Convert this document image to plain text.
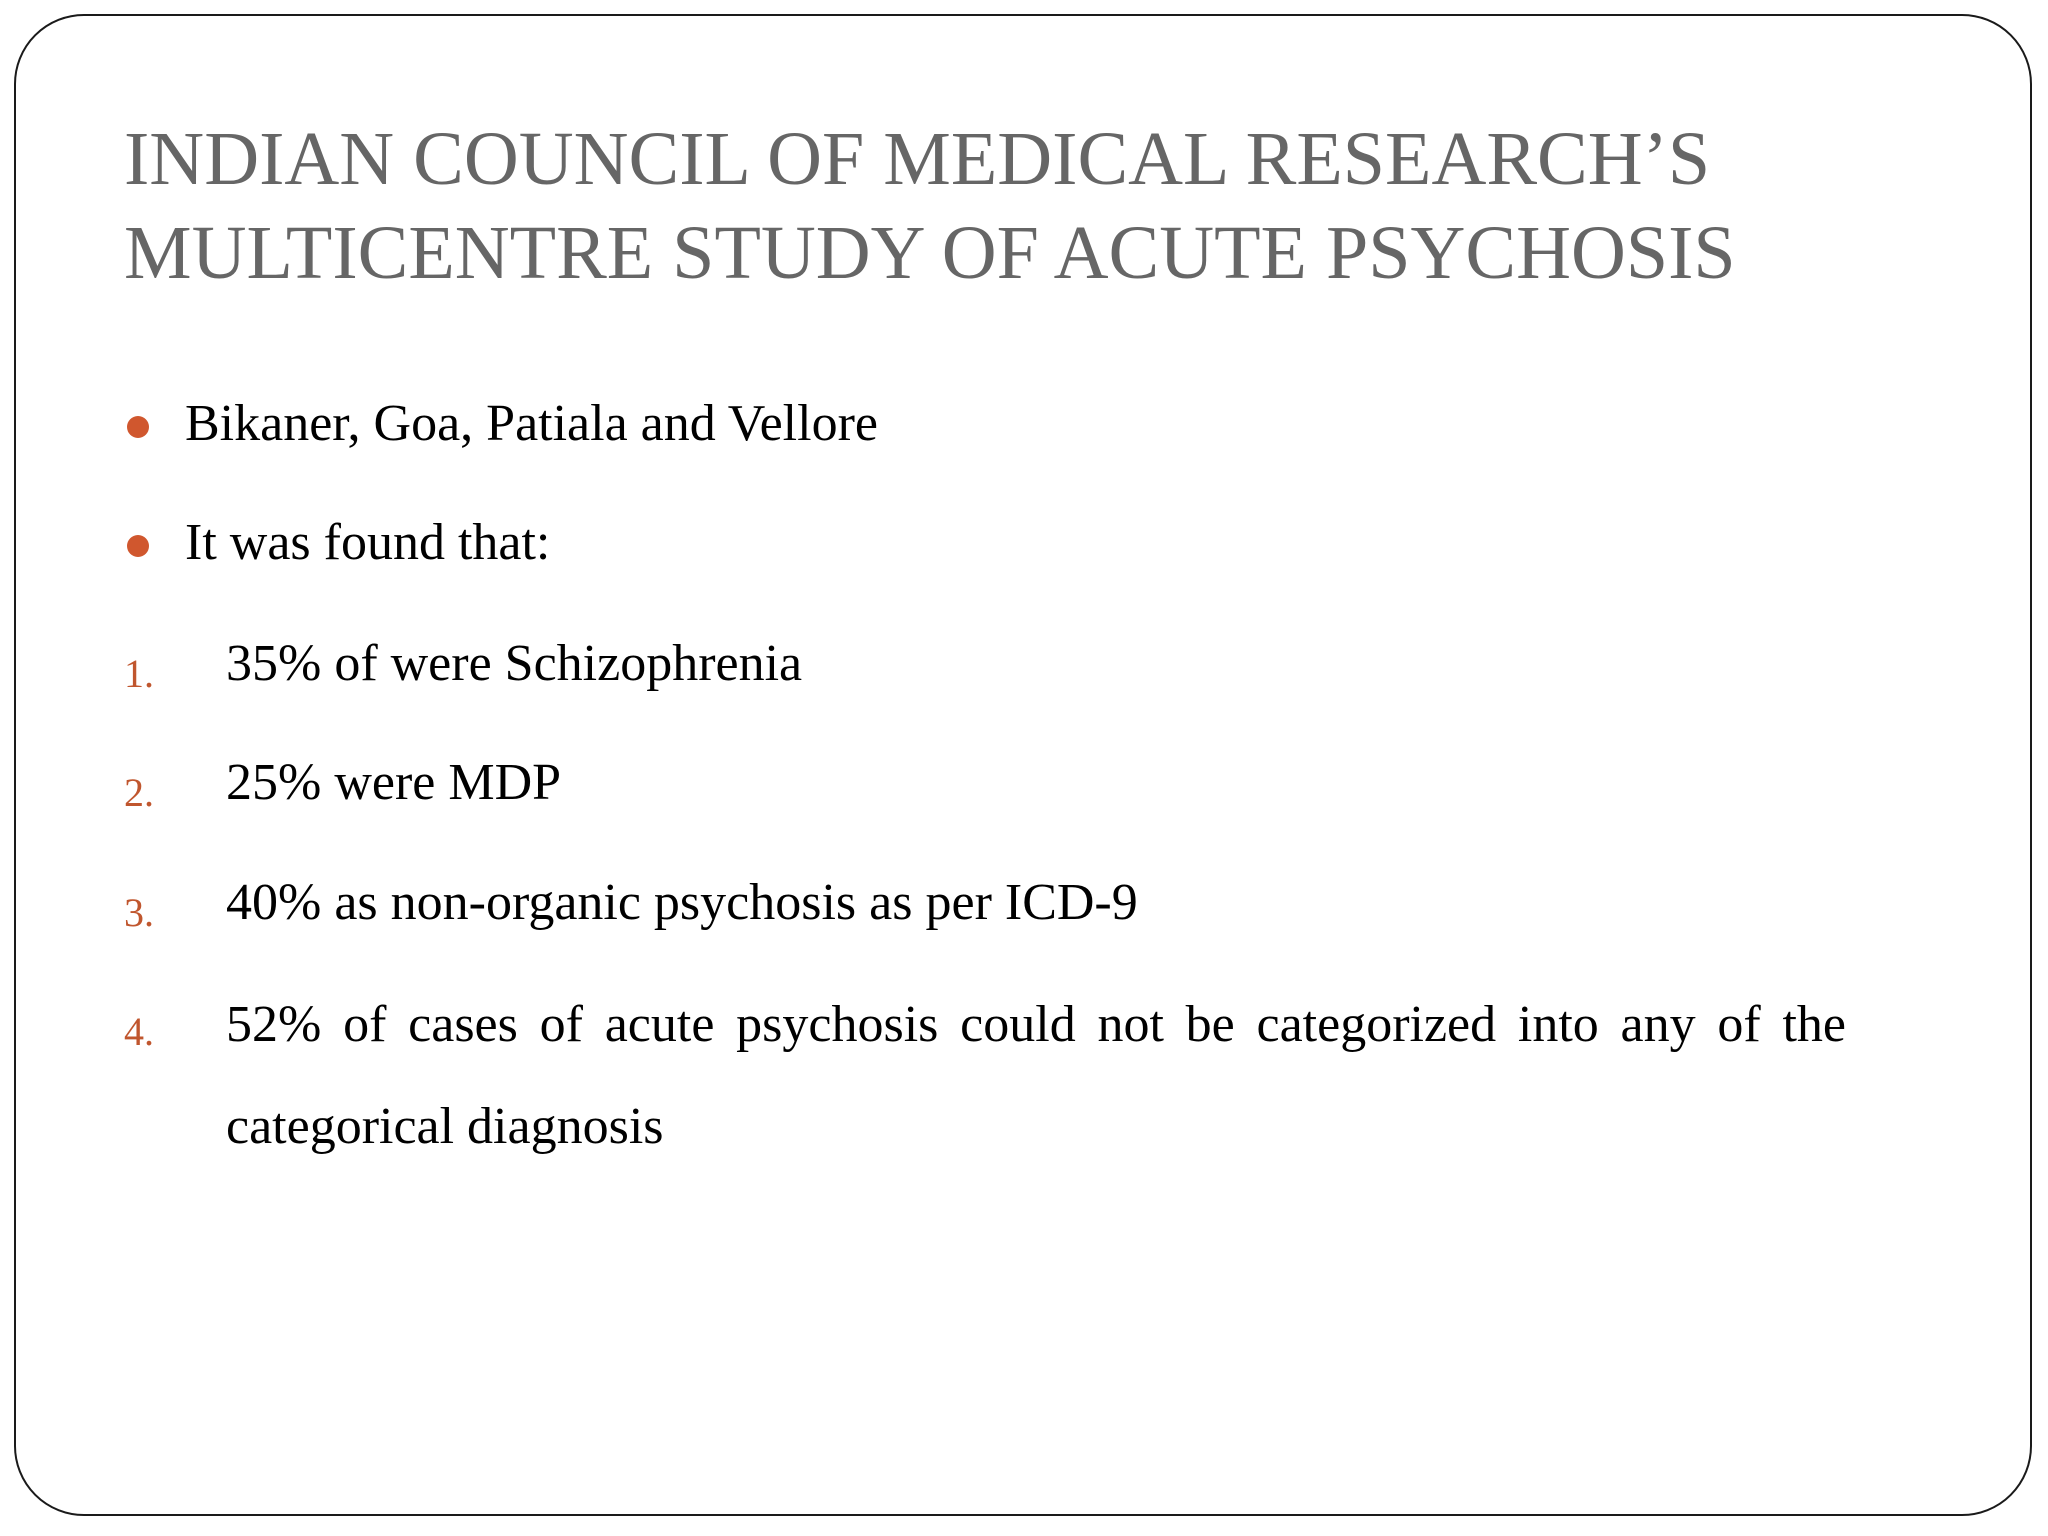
INDIAN COUNCIL OF MEDICAL RESEARCH’S
MULTICENTRE STUDY OF ACUTE PSYCHOSIS
Bikaner, Goa, Patiala and Vellore
It was found that:
1. 35% of were Schizophrenia
2. 25% were MDP
3. 40% as non-organic psychosis as per ICD-9
4. 52% of cases of acute psychosis could not be categorized into any of the categorical diagnosis
